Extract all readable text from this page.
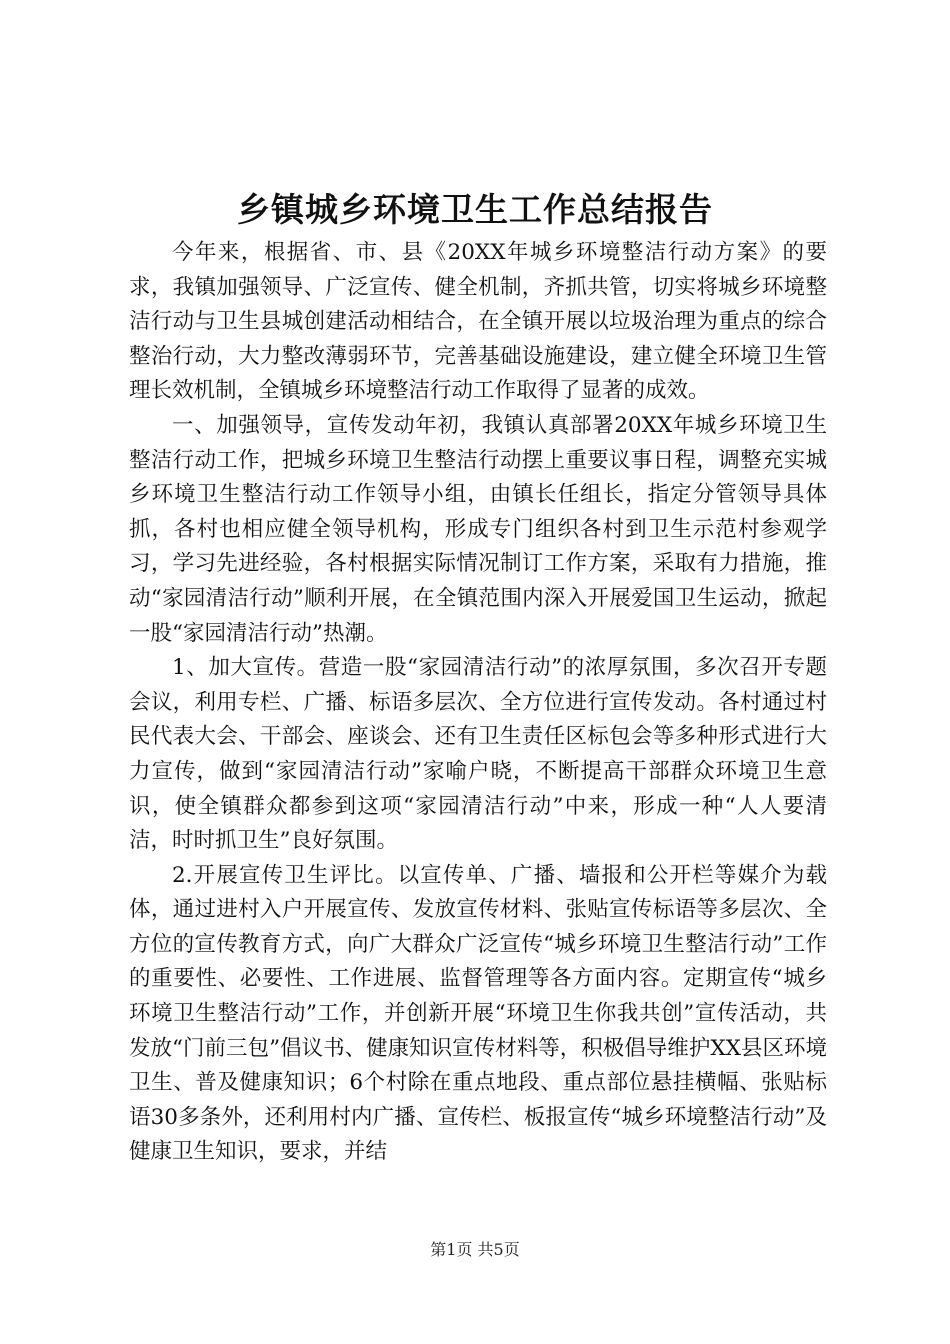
乡镇城乡环境卫生工作总结报告

今年来，根据省、市、县《20XX年城乡环境整洁行动方案》的要求，我镇加强领导、广泛宣传、健全机制，齐抓共管，切实将城乡环境整洁行动与卫生县城创建活动相结合，在全镇开展以垃圾治理为重点的综合整治行动，大力整改薄弱环节，完善基础设施建设，建立健全环境卫生管理长效机制，全镇城乡环境整洁行动工作取得了显著的成效。

一、加强领导，宣传发动年初，我镇认真部署20XX年城乡环境卫生整洁行动工作，把城乡环境卫生整洁行动摆上重要议事日程，调整充实城乡环境卫生整洁行动工作领导小组，由镇长任组长，指定分管领导具体抓，各村也相应健全领导机构，形成专门组织各村到卫生示范村参观学习，学习先进经验，各村根据实际情况制订工作方案，采取有力措施，推动“家园清洁行动”顺利开展，在全镇范围内深入开展爱国卫生运动，掀起一股“家园清洁行动”热潮。

1、加大宣传。营造一股“家园清洁行动”的浓厚氛围，多次召开专题会议，利用专栏、广播、标语多层次、全方位进行宣传发动。各村通过村民代表大会、干部会、座谈会、还有卫生责任区标包会等多种形式进行大力宣传，做到“家园清洁行动”家喻户晓，不断提高干部群众环境卫生意识，使全镇群众都参到这项“家园清洁行动”中来，形成一种“人人要清洁，时时抓卫生”良好氛围。

2.开展宣传卫生评比。以宣传单、广播、墙报和公开栏等媒介为载体，通过进村入户开展宣传、发放宣传材料、张贴宣传标语等多层次、全方位的宣传教育方式，向广大群众广泛宣传“城乡环境卫生整洁行动”工作的重要性、必要性、工作进展、监督管理等各方面内容。定期宣传“城乡环境卫生整洁行动”工作，并创新开展“环境卫生你我共创”宣传活动，共发放“门前三包”倡议书、健康知识宣传材料等，积极倡导维护XX县区环境卫生、普及健康知识；6个村除在重点地段、重点部位悬挂横幅、张贴标语30多条外，还利用村内广播、宣传栏、板报宣传“城乡环境整洁行动”及健康卫生知识，要求，并结

第1页 共5页
